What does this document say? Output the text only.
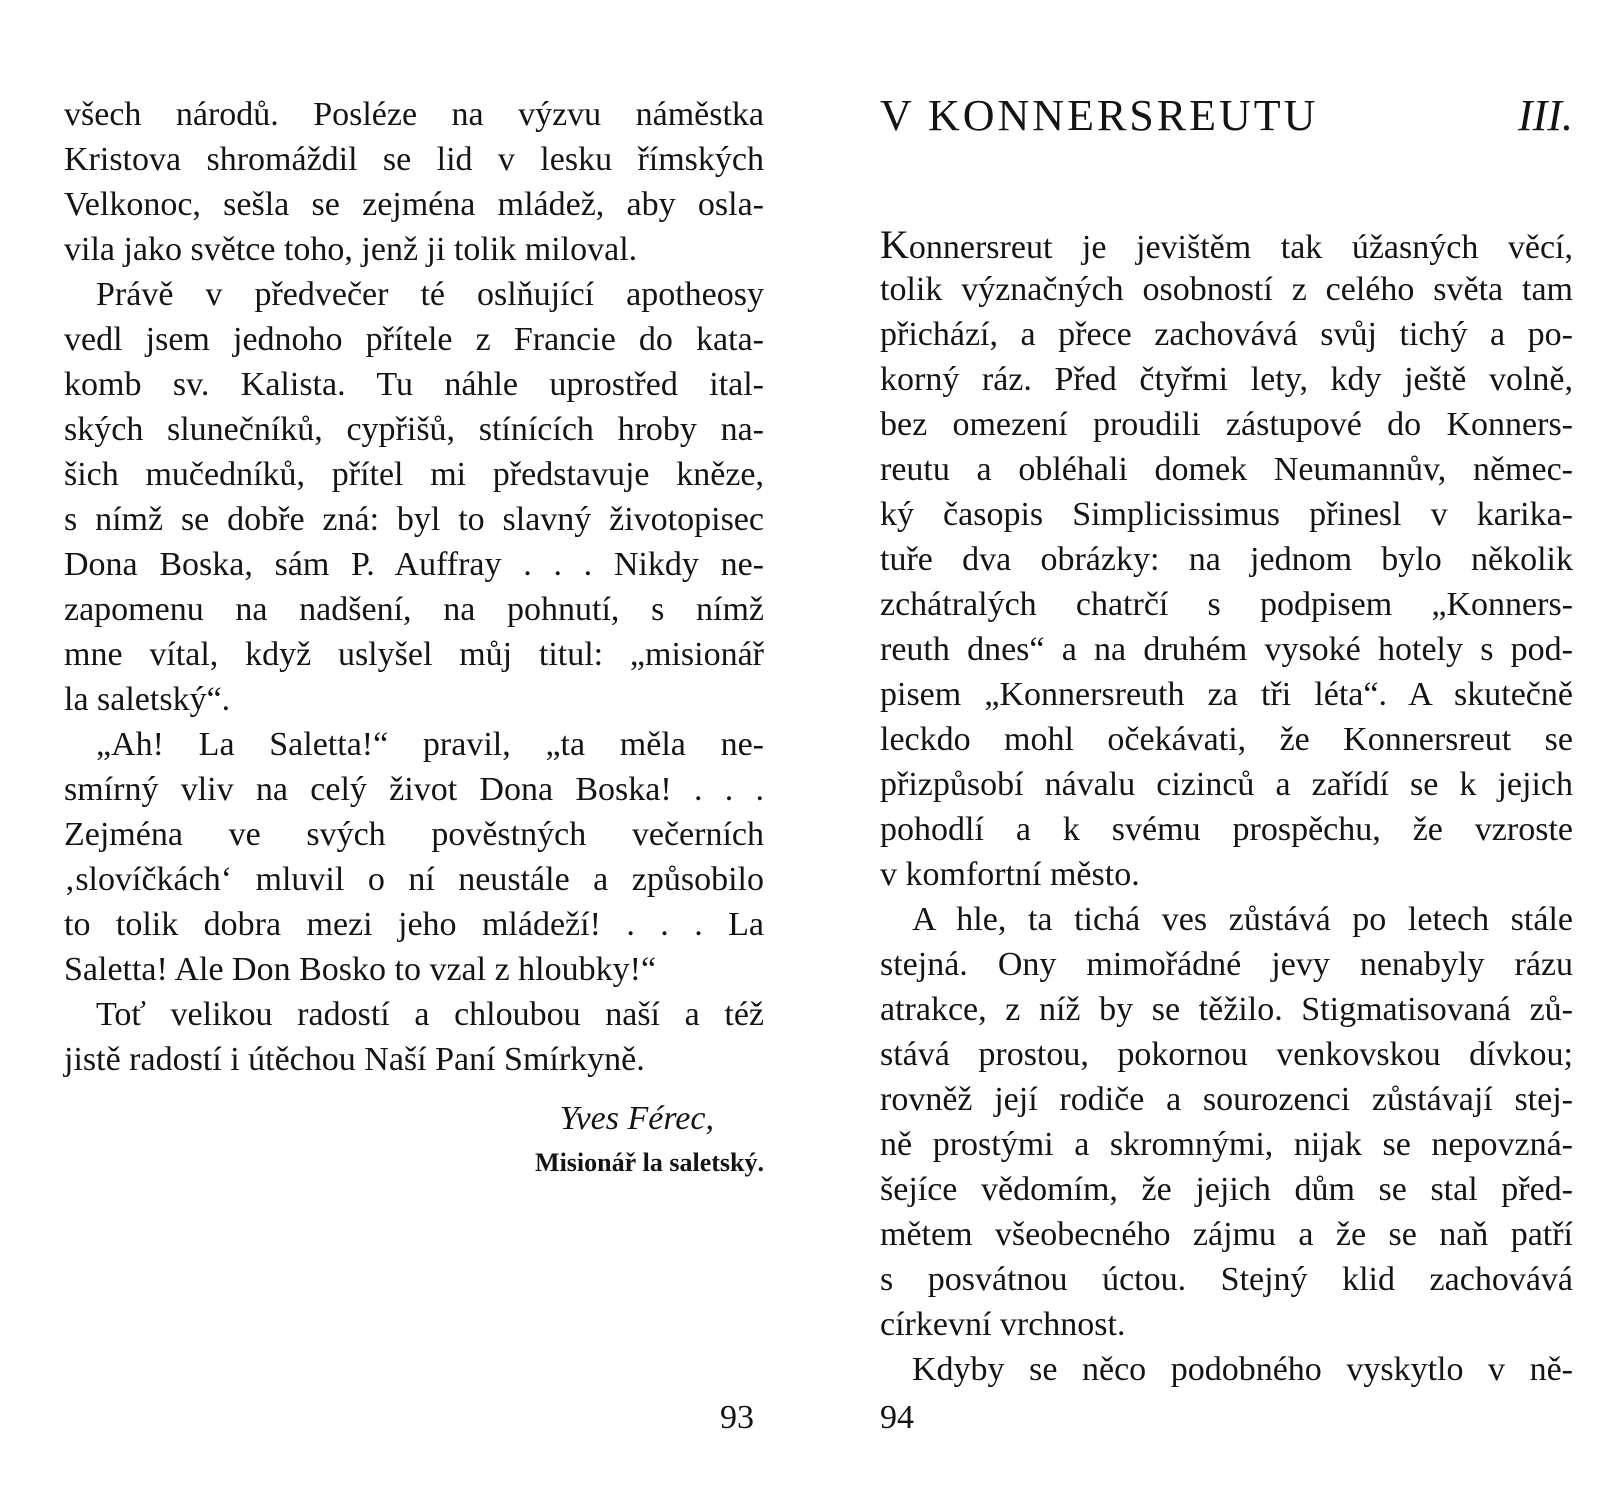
všech národů. Posléze na výzvu náměstka
Kristova shromáždil se lid v lesku římských
Velkonoc, sešla se zejména mládež, aby osla-
vila jako světce toho, jenž ji tolik miloval.
Právě v předvečer té oslňující apotheosy
vedl jsem jednoho přítele z Francie do kata-
komb sv. Kalista. Tu náhle uprostřed ital-
ských slunečníků, cypřišů, stínících hroby na-
šich mučedníků, přítel mi představuje kněze,
s nímž se dobře zná: byl to slavný životopisec
Dona Boska, sám P. Auffray . . . Nikdy ne-
zapomenu na nadšení, na pohnutí, s nímž
mne vítal, když uslyšel můj titul: „misionář
la saletský“.
„Ah! La Saletta!“ pravil, „ta měla ne-
smírný vliv na celý život Dona Boska! . . .
Zejména ve svých pověstných večerních
‚slovíčkách‘ mluvil o ní neustále a způsobilo
to tolik dobra mezi jeho mládeží! . . . La
Saletta! Ale Don Bosko to vzal z hloubky!“
Toť velikou radostí a chloubou naší a též
jistě radostí i útěchou Naší Paní Smírkyně.
Yves Férec,
Misionář la saletský.
93
V KONNERSREUTU	III.
Konnersreut je jevištěm tak úžasných věcí,
tolik význačných osobností z celého světa tam
přichází, a přece zachovává svůj tichý a po-
korný ráz. Před čtyřmi lety, kdy ještě volně,
bez omezení proudili zástupové do Konners-
reutu a obléhali domek Neumannův, němec-
ký časopis Simplicissimus přinesl v karika-
tuře dva obrázky: na jednom bylo několik
zchátralých chatrčí s podpisem „Konners-
reuth dnes“ a na druhém vysoké hotely s pod-
pisem „Konnersreuth za tři léta“. A skutečně
leckdo mohl očekávati, že Konnersreut se
přizpůsobí návalu cizinců a zařídí se k jejich
pohodlí a k svému prospěchu, že vzroste
v komfortní město.
A hle, ta tichá ves zůstává po letech stále
stejná. Ony mimořádné jevy nenabyly rázu
atrakce, z níž by se těžilo. Stigmatisovaná zů-
stává prostou, pokornou venkovskou dívkou;
rovněž její rodiče a sourozenci zůstávají stej-
ně prostými a skromnými, nijak se nepovzná-
šejíce vědomím, že jejich dům se stal před-
mětem všeobecného zájmu a že se naň patří
s posvátnou úctou. Stejný klid zachovává
církevní vrchnost.
Kdyby se něco podobného vyskytlo v ně-
94
